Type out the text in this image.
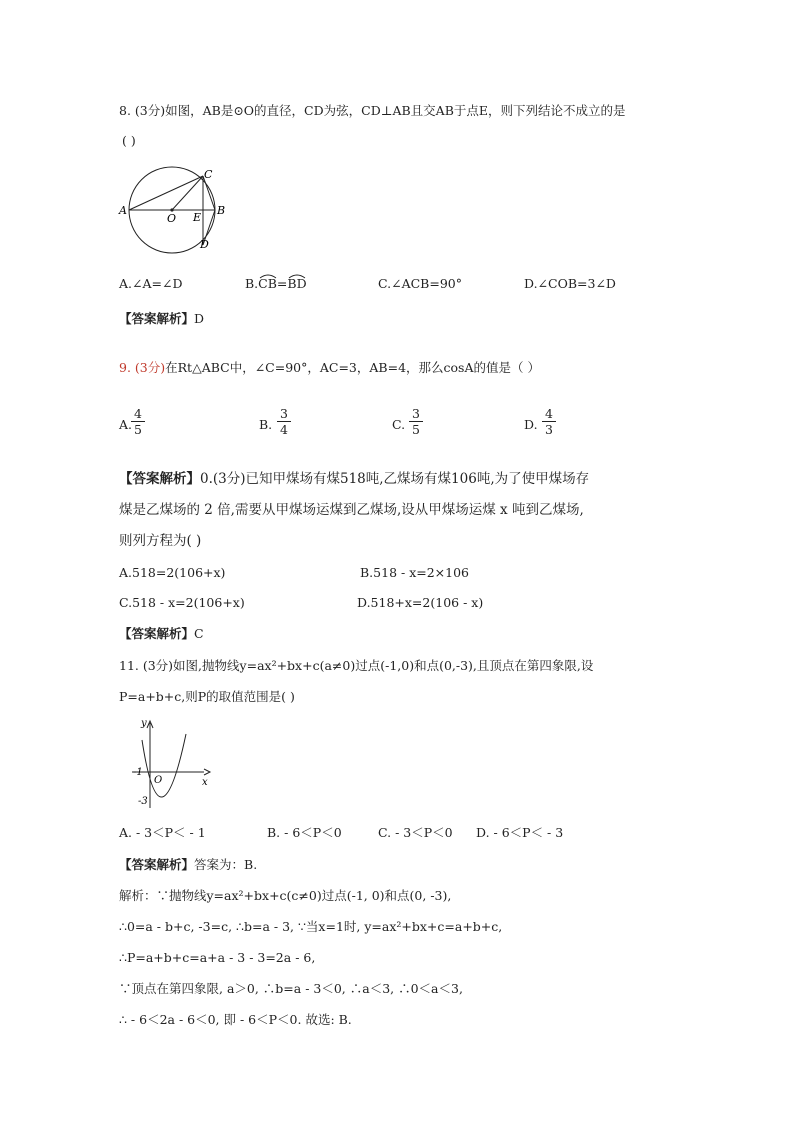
8. (3分)如图，AB是⊙O的直径，CD为弦，CD⊥AB且交AB于点E，则下列结论不成立的是
( )
A
O E
B
C
D
A.∠A=∠D	B.
CB=
BD	C.∠ACB=90°	D.∠COB=3∠D
【答案解析】D
9. (3分)在Rt△ABC中，∠C=90°，AC=3，AB=4，那么cosA的值是（ ）
A.
$\frac{4}{5}$	B. $\frac{3}{4}$	C. $\frac{3}{5}$	D. $\frac{4}{3}$
【答案解析】0.(3分)已知甲煤场有煤518吨,乙煤场有煤106吨,为了使甲煤场存
煤是乙煤场的 2 倍,需要从甲煤场运煤到乙煤场,设从甲煤场运煤 x 吨到乙煤场,
则列方程为( )
A.518=2(106+x)	B.518 - x=2×106
C.518 - x=2(106+x)	D.518+x=2(106 - x)
【答案解析】C
11. (3分)如图,抛物线y=ax²+bx+c(a≠0)过点(-1,0)和点(0,-3),且顶点在第四象限,设
P=a+b+c,则P的取值范围是( )
y
x
O
-1
-3
A. - 3＜P＜ - 1	B. - 6＜P＜0	C. - 3＜P＜0 D. - 6＜P＜ - 3
【答案解析】答案为：B.
解析：∵抛物线y=ax²+bx+c(c≠0)过点(-1, 0)和点(0, -3),
∴0=a - b+c, -3=c, ∴b=a - 3, ∵当x=1时, y=ax²+bx+c=a+b+c,
∴P=a+b+c=a+a - 3 - 3=2a - 6,
∵顶点在第四象限, a＞0, ∴b=a - 3＜0, ∴a＜3, ∴0＜a＜3,
∴ - 6＜2a - 6＜0, 即 - 6＜P＜0. 故选: B.
